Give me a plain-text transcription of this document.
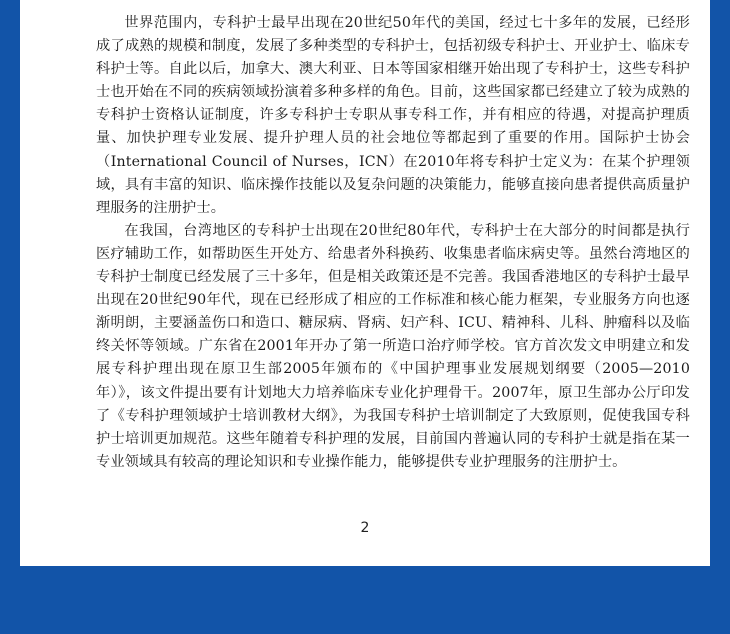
世界范围内，专科护士最早出现在20世纪50年代的美国，经过七十多年的发展，已经形成了成熟的规模和制度，发展了多种类型的专科护士，包括初级专科护士、开业护士、临床专科护士等。自此以后，加拿大、澳大利亚、日本等国家相继开始出现了专科护士，这些专科护士也开始在不同的疾病领域扮演着多种多样的角色。目前，这些国家都已经建立了较为成熟的专科护士资格认证制度，许多专科护士专职从事专科工作，并有相应的待遇，对提高护理质量、加快护理专业发展、提升护理人员的社会地位等都起到了重要的作用。国际护士协会（International Council of Nurses，ICN）在2010年将专科护士定义为：在某个护理领域，具有丰富的知识、临床操作技能以及复杂问题的决策能力，能够直接向患者提供高质量护理服务的注册护士。

在我国，台湾地区的专科护士出现在20世纪80年代，专科护士在大部分的时间都是执行医疗辅助工作，如帮助医生开处方、给患者外科换药、收集患者临床病史等。虽然台湾地区的专科护士制度已经发展了三十多年，但是相关政策还是不完善。我国香港地区的专科护士最早出现在20世纪90年代，现在已经形成了相应的工作标准和核心能力框架，专业服务方向也逐渐明朗，主要涵盖伤口和造口、糖尿病、肾病、妇产科、ICU、精神科、儿科、肿瘤科以及临终关怀等领域。广东省在2001年开办了第一所造口治疗师学校。官方首次发文申明建立和发展专科护理出现在原卫生部2005年颁布的《中国护理事业发展规划纲要（2005—2010年）》，该文件提出要有计划地大力培养临床专业化护理骨干。2007年，原卫生部办公厅印发了《专科护理领域护士培训教材大纲》，为我国专科护士培训制定了大致原则，促使我国专科护士培训更加规范。这些年随着专科护理的发展，目前国内普遍认同的专科护士就是指在某一专业领域具有较高的理论知识和专业操作能力，能够提供专业护理服务的注册护士。

2
